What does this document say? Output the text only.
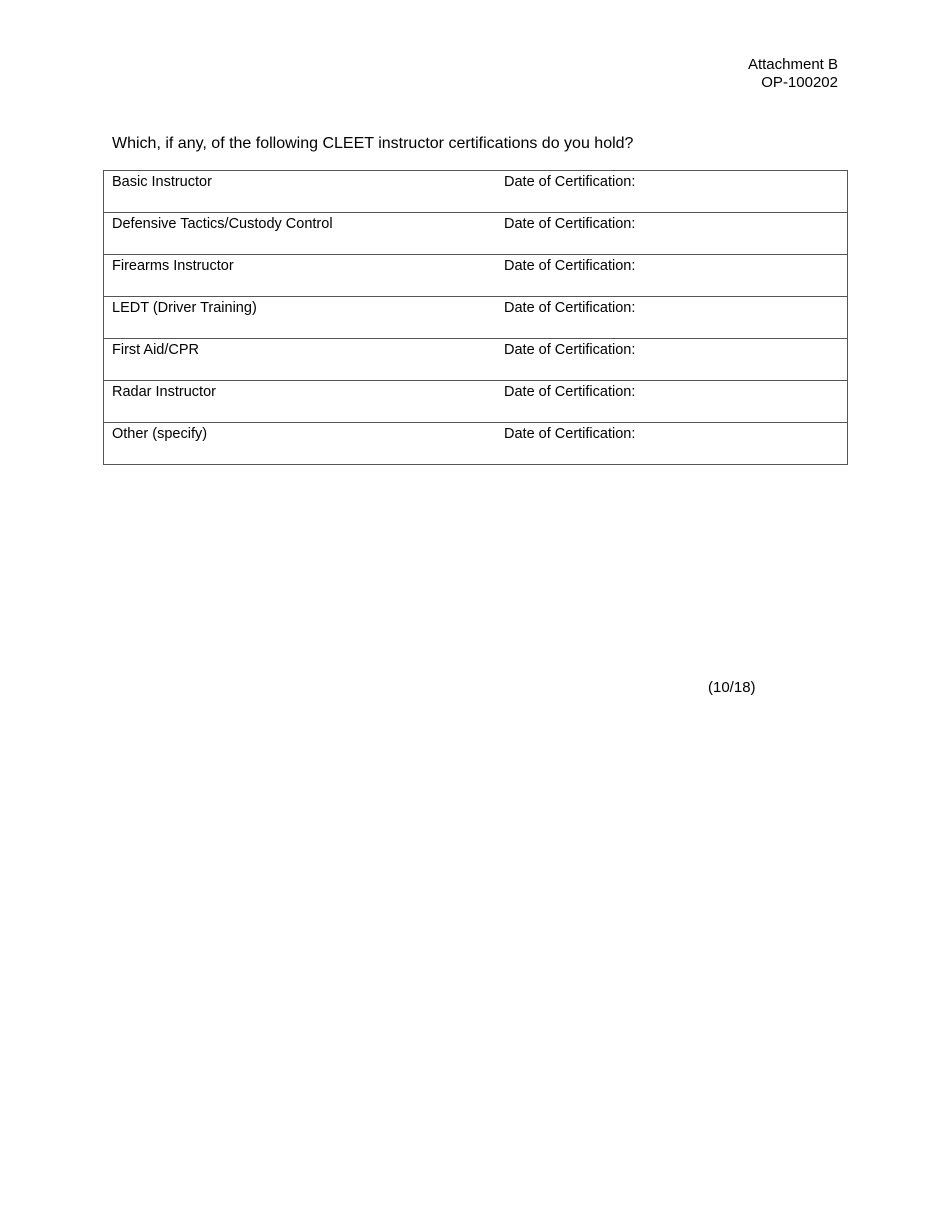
Attachment B
OP-100202
Which, if any, of the following CLEET instructor certifications do you hold?
Basic Instructor	Date of Certification:
Defensive Tactics/Custody Control	Date of Certification:
Firearms Instructor	Date of Certification:
LEDT (Driver Training)	Date of Certification:
First Aid/CPR	Date of Certification:
Radar Instructor	Date of Certification:
Other (specify)	Date of Certification:
(10/18)
